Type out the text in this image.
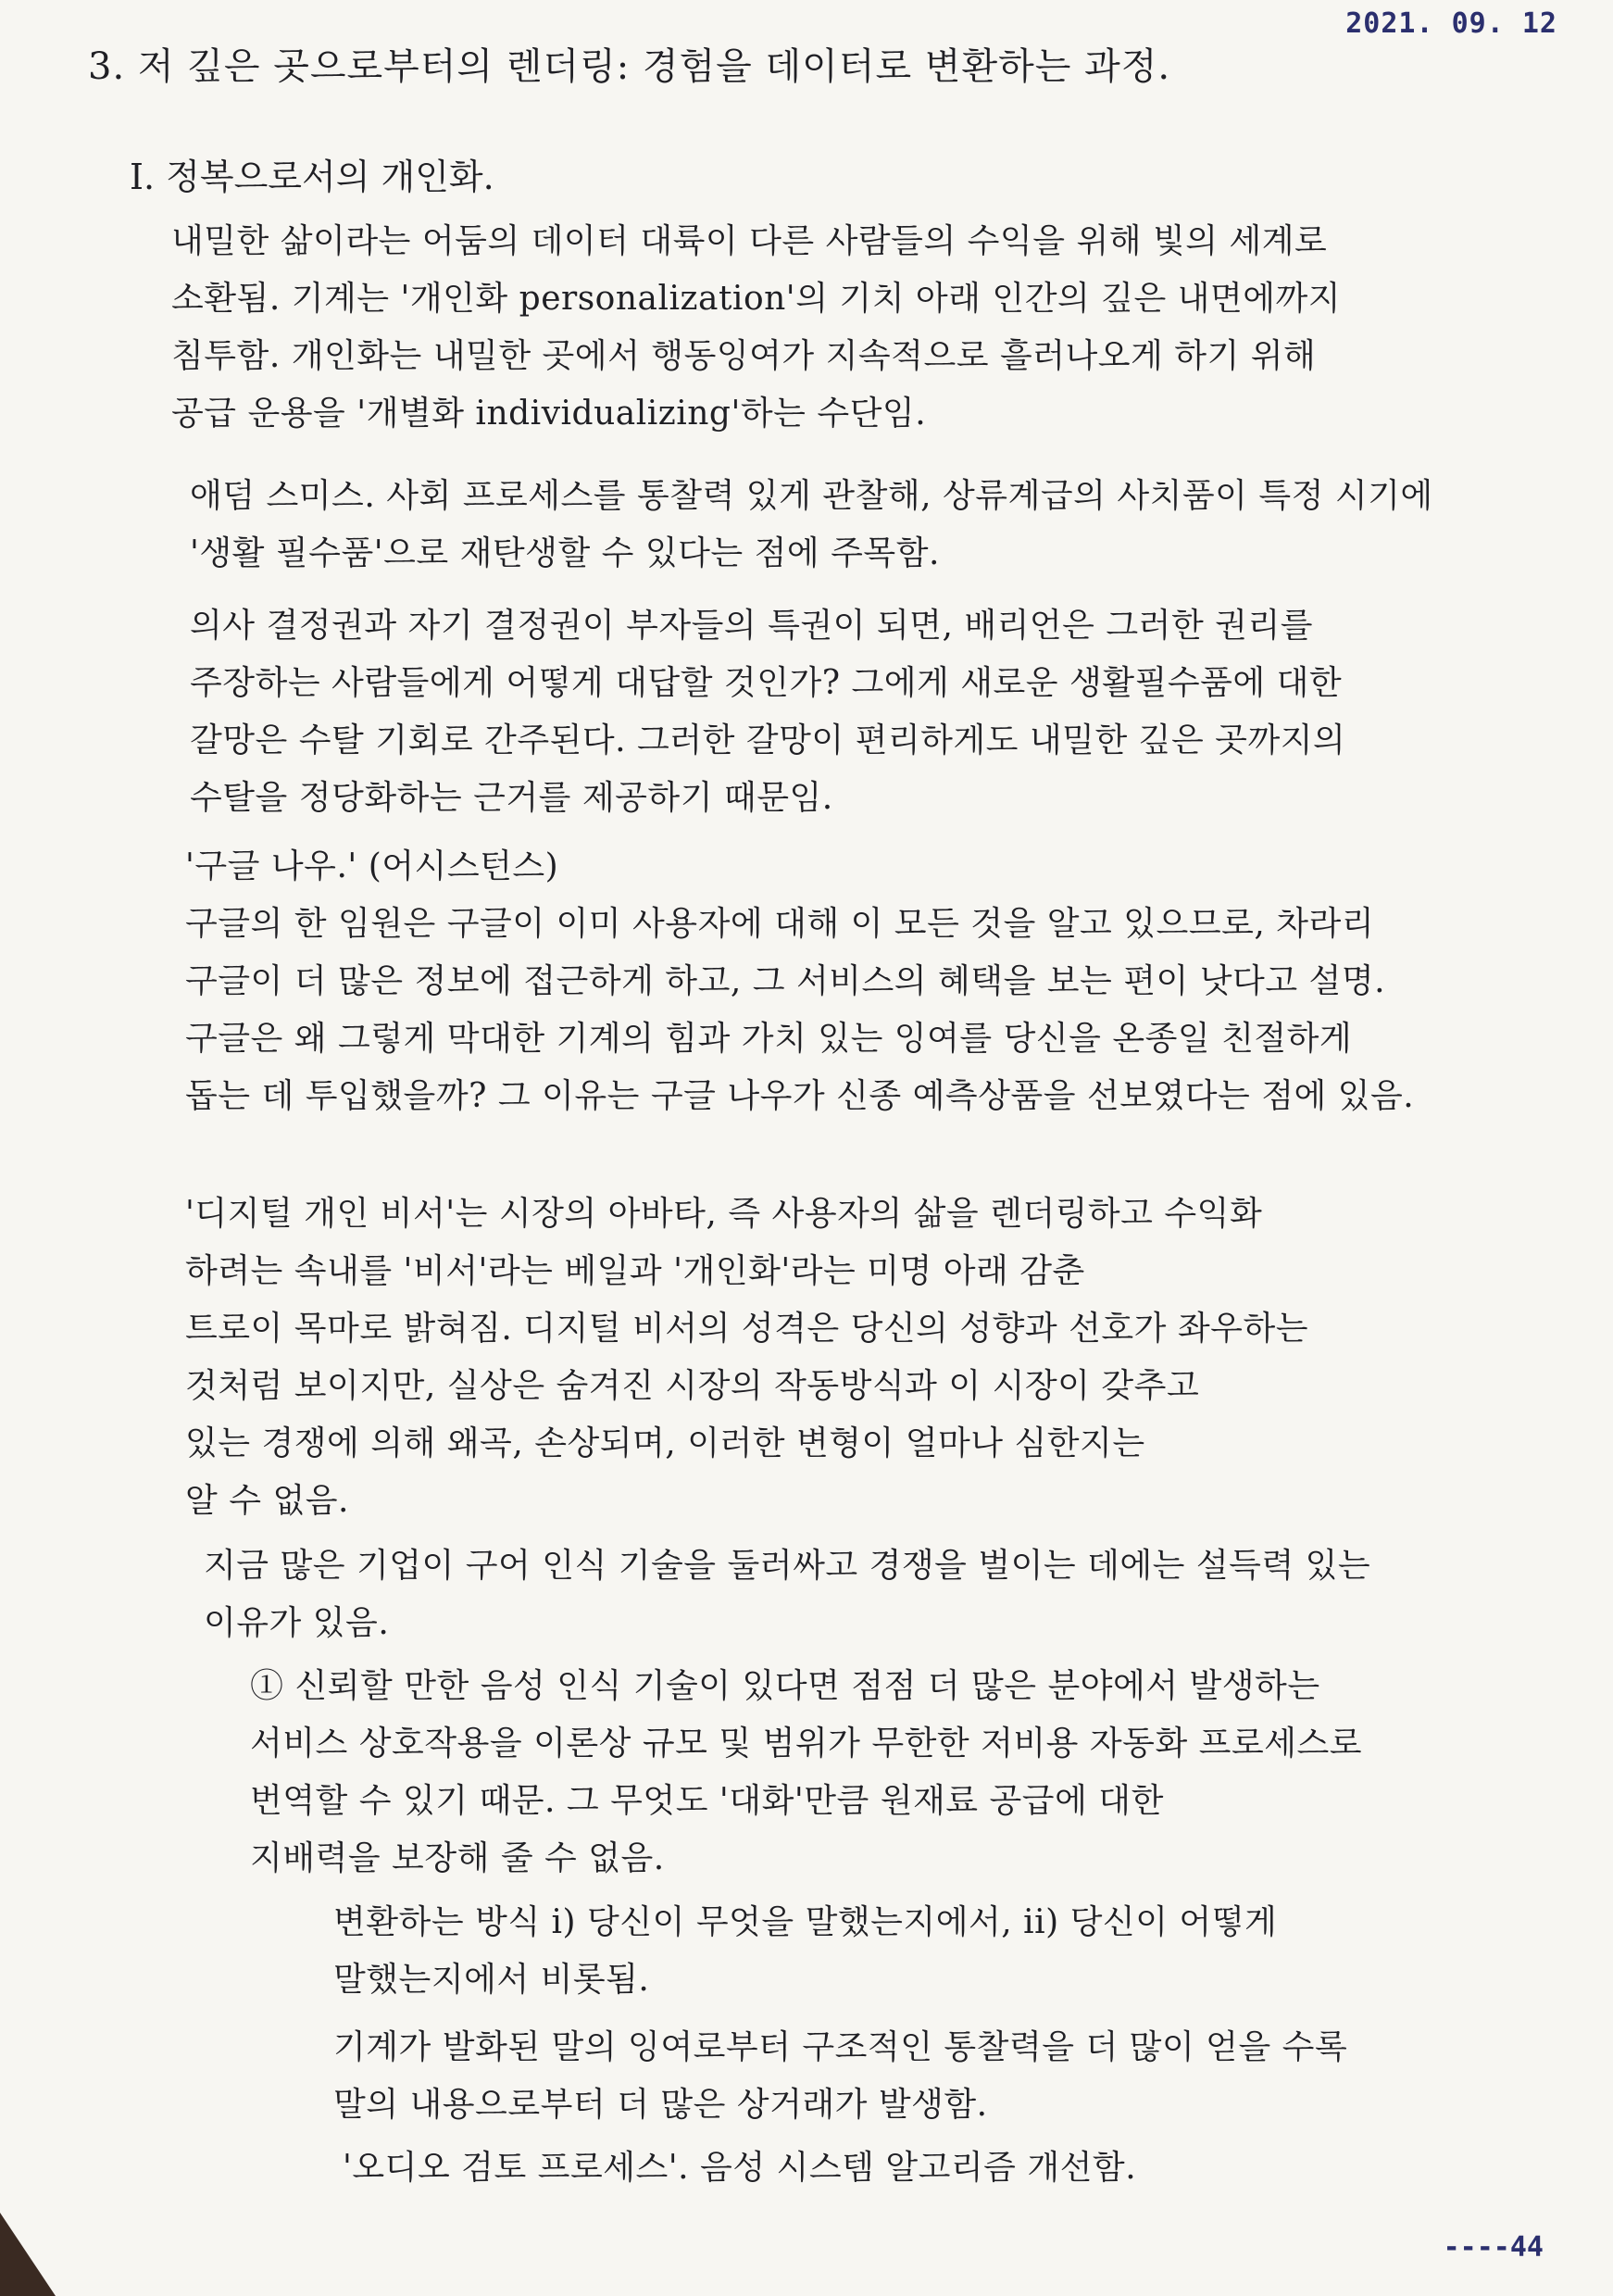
2021. 09. 12
3. 저 깊은 곳으로부터의 렌더링: 경험을 데이터로 변환하는 과정.
I. 정복으로서의 개인화.
내밀한 삶이라는 어둠의 데이터 대륙이 다른 사람들의 수익을 위해 빛의 세계로
소환됨. 기계는 '개인화 personalization'의 기치 아래 인간의 깊은 내면에까지
침투함. 개인화는 내밀한 곳에서 행동잉여가 지속적으로 흘러나오게 하기 위해
공급 운용을 '개별화 individualizing'하는 수단임.
애덤 스미스. 사회 프로세스를 통찰력 있게 관찰해, 상류계급의 사치품이 특정 시기에
'생활 필수품'으로 재탄생할 수 있다는 점에 주목함.
의사 결정권과 자기 결정권이 부자들의 특권이 되면, 배리언은 그러한 권리를
주장하는 사람들에게 어떻게 대답할 것인가? 그에게 새로운 생활필수품에 대한
갈망은 수탈 기회로 간주된다. 그러한 갈망이 편리하게도 내밀한 깊은 곳까지의
수탈을 정당화하는 근거를 제공하기 때문임.
'구글 나우.' (어시스턴스)
구글의 한 임원은 구글이 이미 사용자에 대해 이 모든 것을 알고 있으므로, 차라리
구글이 더 많은 정보에 접근하게 하고, 그 서비스의 혜택을 보는 편이 낫다고 설명.
구글은 왜 그렇게 막대한 기계의 힘과 가치 있는 잉여를 당신을 온종일 친절하게
돕는 데 투입했을까? 그 이유는 구글 나우가 신종 예측상품을 선보였다는 점에 있음.
'디지털 개인 비서'는 시장의 아바타, 즉 사용자의 삶을 렌더링하고 수익화
하려는 속내를 '비서'라는 베일과 '개인화'라는 미명 아래 감춘
트로이 목마로 밝혀짐. 디지털 비서의 성격은 당신의 성향과 선호가 좌우하는
것처럼 보이지만, 실상은 숨겨진 시장의 작동방식과 이 시장이 갖추고
있는 경쟁에 의해 왜곡, 손상되며, 이러한 변형이 얼마나 심한지는
알 수 없음.
지금 많은 기업이 구어 인식 기술을 둘러싸고 경쟁을 벌이는 데에는 설득력 있는
이유가 있음.
① 신뢰할 만한 음성 인식 기술이 있다면 점점 더 많은 분야에서 발생하는
서비스 상호작용을 이론상 규모 및 범위가 무한한 저비용 자동화 프로세스로
번역할 수 있기 때문. 그 무엇도 '대화'만큼 원재료 공급에 대한
지배력을 보장해 줄 수 없음.
변환하는 방식 i) 당신이 무엇을 말했는지에서, ii) 당신이 어떻게
말했는지에서 비롯됨.
기계가 발화된 말의 잉여로부터 구조적인 통찰력을 더 많이 얻을 수록
말의 내용으로부터 더 많은 상거래가 발생함.
'오디오 검토 프로세스'. 음성 시스템 알고리즘 개선함.
----44
